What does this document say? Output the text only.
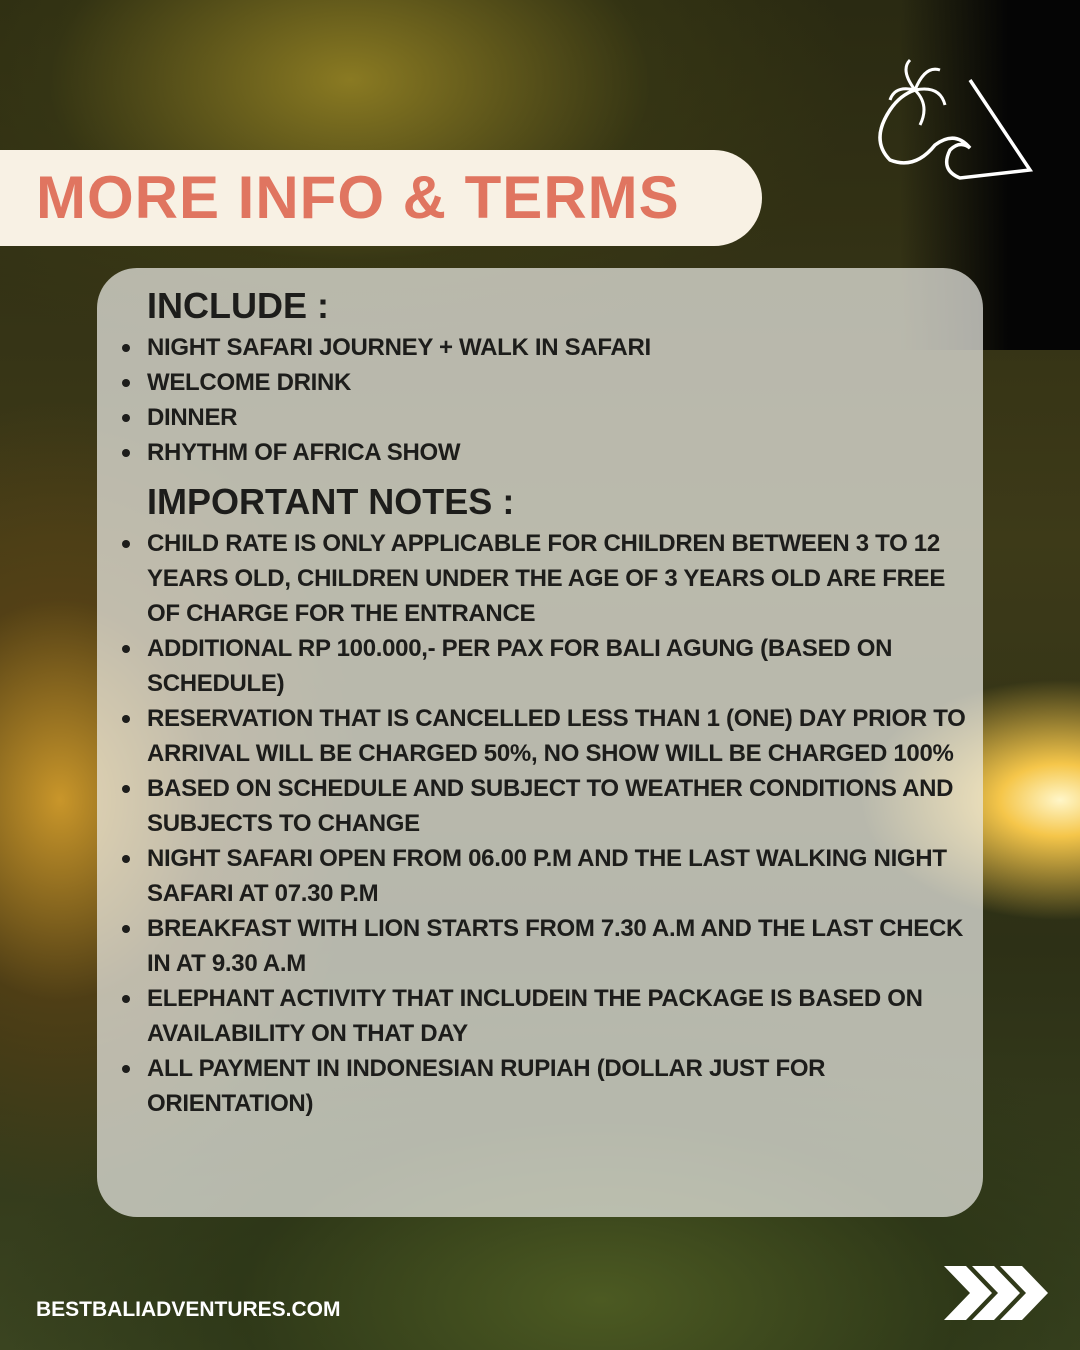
MORE INFO & TERMS
INCLUDE :
NIGHT SAFARI JOURNEY + WALK IN SAFARI
WELCOME DRINK
DINNER
RHYTHM OF AFRICA SHOW
IMPORTANT NOTES :
CHILD RATE IS ONLY APPLICABLE FOR CHILDREN BETWEEN 3 TO 12 YEARS OLD, CHILDREN UNDER THE AGE OF 3 YEARS OLD ARE FREE OF CHARGE FOR THE ENTRANCE
ADDITIONAL RP 100.000,- PER PAX FOR BALI AGUNG (BASED ON SCHEDULE)
RESERVATION THAT IS CANCELLED LESS THAN 1 (ONE) DAY PRIOR TO ARRIVAL WILL BE CHARGED 50%, NO SHOW WILL BE CHARGED 100%
BASED ON SCHEDULE AND SUBJECT TO WEATHER CONDITIONS AND SUBJECTS TO CHANGE
NIGHT SAFARI OPEN FROM 06.00 P.M AND THE LAST WALKING NIGHT SAFARI AT 07.30 P.M
BREAKFAST WITH LION STARTS FROM 7.30 A.M AND THE LAST CHECK IN AT 9.30 A.M
ELEPHANT ACTIVITY THAT INCLUDEIN THE PACKAGE IS BASED ON AVAILABILITY ON THAT DAY
ALL PAYMENT IN INDONESIAN RUPIAH (DOLLAR JUST FOR ORIENTATION)
BESTBALIADVENTURES.COM
